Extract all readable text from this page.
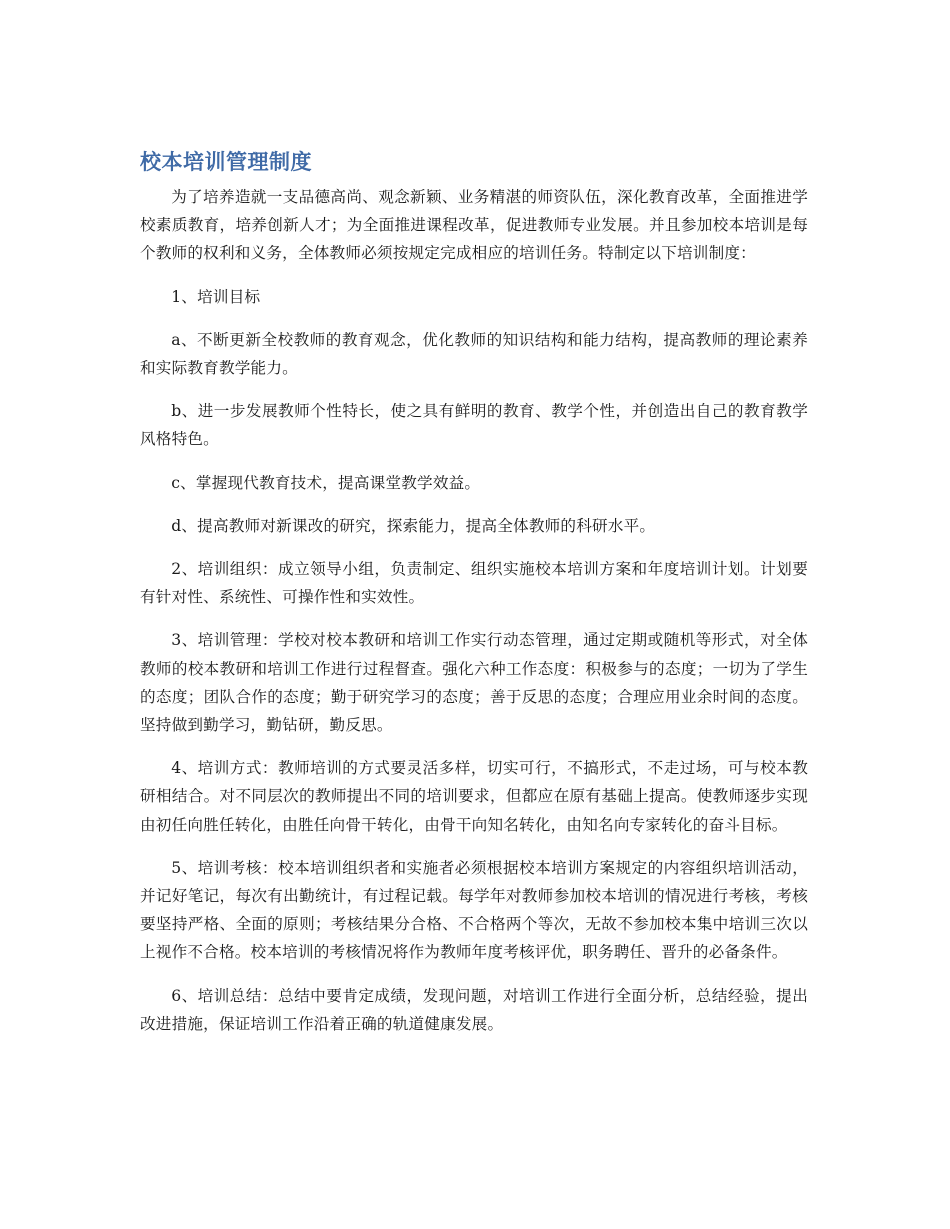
校本培训管理制度

为了培养造就一支品德高尚、观念新颖、业务精湛的师资队伍，深化教育改革，全面推进学校素质教育，培养创新人才；为全面推进课程改革，促进教师专业发展。并且参加校本培训是每个教师的权利和义务，全体教师必须按规定完成相应的培训任务。特制定以下培训制度：

1、培训目标

a、不断更新全校教师的教育观念，优化教师的知识结构和能力结构，提高教师的理论素养和实际教育教学能力。

b、进一步发展教师个性特长，使之具有鲜明的教育、教学个性，并创造出自己的教育教学风格特色。

c、掌握现代教育技术，提高课堂教学效益。

d、提高教师对新课改的研究，探索能力，提高全体教师的科研水平。

2、培训组织：成立领导小组，负责制定、组织实施校本培训方案和年度培训计划。计划要有针对性、系统性、可操作性和实效性。

3、培训管理：学校对校本教研和培训工作实行动态管理，通过定期或随机等形式，对全体教师的校本教研和培训工作进行过程督查。强化六种工作态度：积极参与的态度；一切为了学生的态度；团队合作的态度；勤于研究学习的态度；善于反思的态度；合理应用业余时间的态度。坚持做到勤学习，勤钻研，勤反思。

4、培训方式：教师培训的方式要灵活多样，切实可行，不搞形式，不走过场，可与校本教研相结合。对不同层次的教师提出不同的培训要求，但都应在原有基础上提高。使教师逐步实现由初任向胜任转化，由胜任向骨干转化，由骨干向知名转化，由知名向专家转化的奋斗目标。

5、培训考核：校本培训组织者和实施者必须根据校本培训方案规定的内容组织培训活动，并记好笔记，每次有出勤统计，有过程记载。每学年对教师参加校本培训的情况进行考核，考核要坚持严格、全面的原则；考核结果分合格、不合格两个等次，无故不参加校本集中培训三次以上视作不合格。校本培训的考核情况将作为教师年度考核评优，职务聘任、晋升的必备条件。

6、培训总结：总结中要肯定成绩，发现问题，对培训工作进行全面分析，总结经验，提出改进措施，保证培训工作沿着正确的轨道健康发展。
